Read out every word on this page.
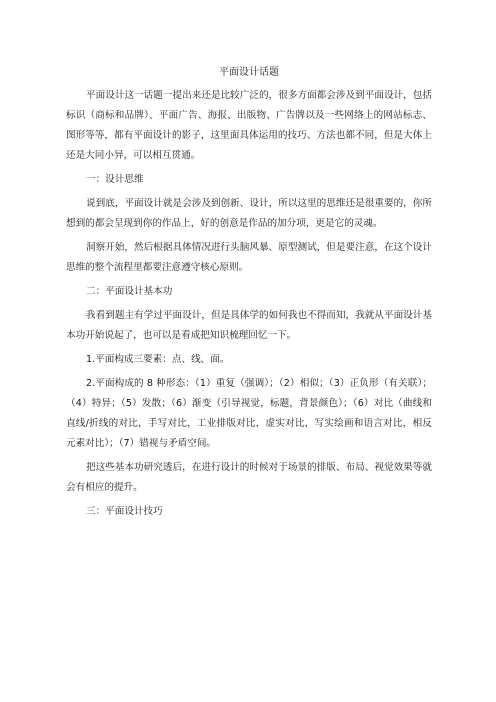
平面设计话题
平面设计这一话题一提出来还是比较广泛的，很多方面都会涉及到平面设计，包括标识（商标和品牌）、平面广告、海报、出版物、广告牌以及一些网络上的网站标志、图形等等，都有平面设计的影子，这里面具体运用的技巧、方法也都不同，但是大体上还是大同小异，可以相互贯通。
一：设计思维
说到底，平面设计就是会涉及到创新、设计，所以这里的思维还是很重要的，你所想到的都会呈现到你的作品上，好的创意是作品的加分项，更是它的灵魂。
洞察开始，然后根据具体情况进行头脑风暴、原型测试，但是要注意，在这个设计思维的整个流程里都要注意遵守核心原则。
二：平面设计基本功
我看到题主有学过平面设计，但是具体学的如何我也不得而知，我就从平面设计基本功开始说起了，也可以是看成把知识梳理回忆一下。
1.平面构成三要素：点、线、面。
2.平面构成的 8 种形态：（1）重复（强调）；（2）相似；（3）正负形（有关联）；（4）特异；（5）发散；（6）渐变（引导视觉，标题，背景颜色）；（6）对比（曲线和直线/折线的对比，手写对比，工业排版对比，虚实对比，写实绘画和语言对比，相反元素对比）；（7）错视与矛盾空间。
把这些基本功研究透后，在进行设计的时候对于场景的排版、布局、视觉效果等就会有相应的提升。
三：平面设计技巧
